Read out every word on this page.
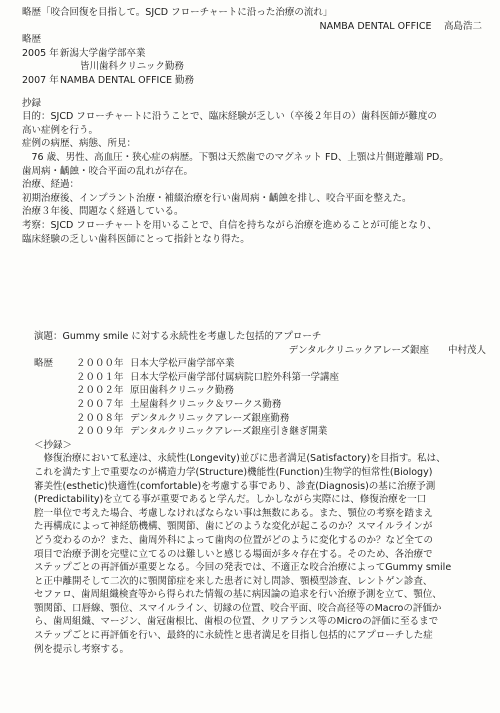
略歴「咬合回復を目指して。SJCD フローチャートに沿った治療の流れ」
NAMBA DENTAL OFFICE　 高島浩二
略歴
2005 年新潟大学歯学部卒業
皆川歯科クリニック勤務
2007 年NAMBA DENTAL OFFICE 勤務
抄録
目的：SJCD フローチャートに沿うことで、臨床経験が乏しい（卒後２年目の）歯科医師が難度の
高い症例を行う。
症例の病歴、病態、所見：
　76 歳、男性、高血圧・狭心症の病歴。下顎は天然歯でのマグネット FD、上顎は片側遊離端 PD。
歯周病・齲蝕・咬合平面の乱れが存在。
治療、経過：
初期治療後、インプラント治療・補綴治療を行い歯周病・齲蝕を排し、咬合平面を整えた。
治療３年後、問題なく経過している。
考察：SJCD フローチャートを用いることで、自信を持ちながら治療を進めることが可能となり、
臨床経験の乏しい歯科医師にとって指針となり得た。
演題：Gummy smile に対する永続性を考慮した包括的アプローチ
デンタルクリニックアレーズ銀座　　中村茂人
略歴 ２０００年 日本大学松戸歯学部卒業
２００１年 日本大学松戸歯学部付属病院口腔外科第一学講座
２００２年 原田歯科クリニック勤務
２００７年 土屋歯科クリニック＆ワークス勤務
２００８年 デンタルクリニックアレーズ銀座勤務
２００９年 デンタルクリニックアレーズ銀座引き継ぎ開業
＜抄録＞
　修復治療において私達は、永続性(Longevity)並びに患者満足(Satisfactory)を目指す。私は、
これを満たす上で重要なのが構造力学(Structure)機能性(Function)生物学的恒常性(Biology)
審美性(esthetic)快適性(comfortable)を考慮する事であり、診査(Diagnosis)の基に治療予測
(Predictability)を立てる事が重要であると学んだ。しかしながら実際には、修復治療を一口
腔一単位で考えた場合、考慮しなければならない事は無数にある。また、顎位の考察を踏まえ
た再構成によって神経筋機構、顎関節、歯にどのような変化が起こるのか？スマイルラインが
どう変わるのか？また、歯周外科によって歯肉の位置がどのように変化するのか？など全ての
項目で治療予測を完璧に立てるのは難しいと感じる場面が多々存在する。そのため、各治療で
ステップごとの再評価が重要となる。今回の発表では、不適正な咬合治療によってGummy smile
と正中離開そして二次的に顎関節症を来した患者に対し問診、顎模型診査、レントゲン診査、
セファロ、歯周組織検査等から得られた情報の基に病因論の追求を行い治療予測を立て、顎位、
顎関節、口唇線、顎位、スマイルライン、切縁の位置、咬合平面、咬合高径等のMacroの評価か
ら、歯周組織、マージン、歯冠歯根比、歯根の位置、クリアランス等のMicroの評価に至るまで
ステップごとに再評価を行い、最終的に永続性と患者満足を目指し包括的にアプローチした症
例を提示し考察する。
